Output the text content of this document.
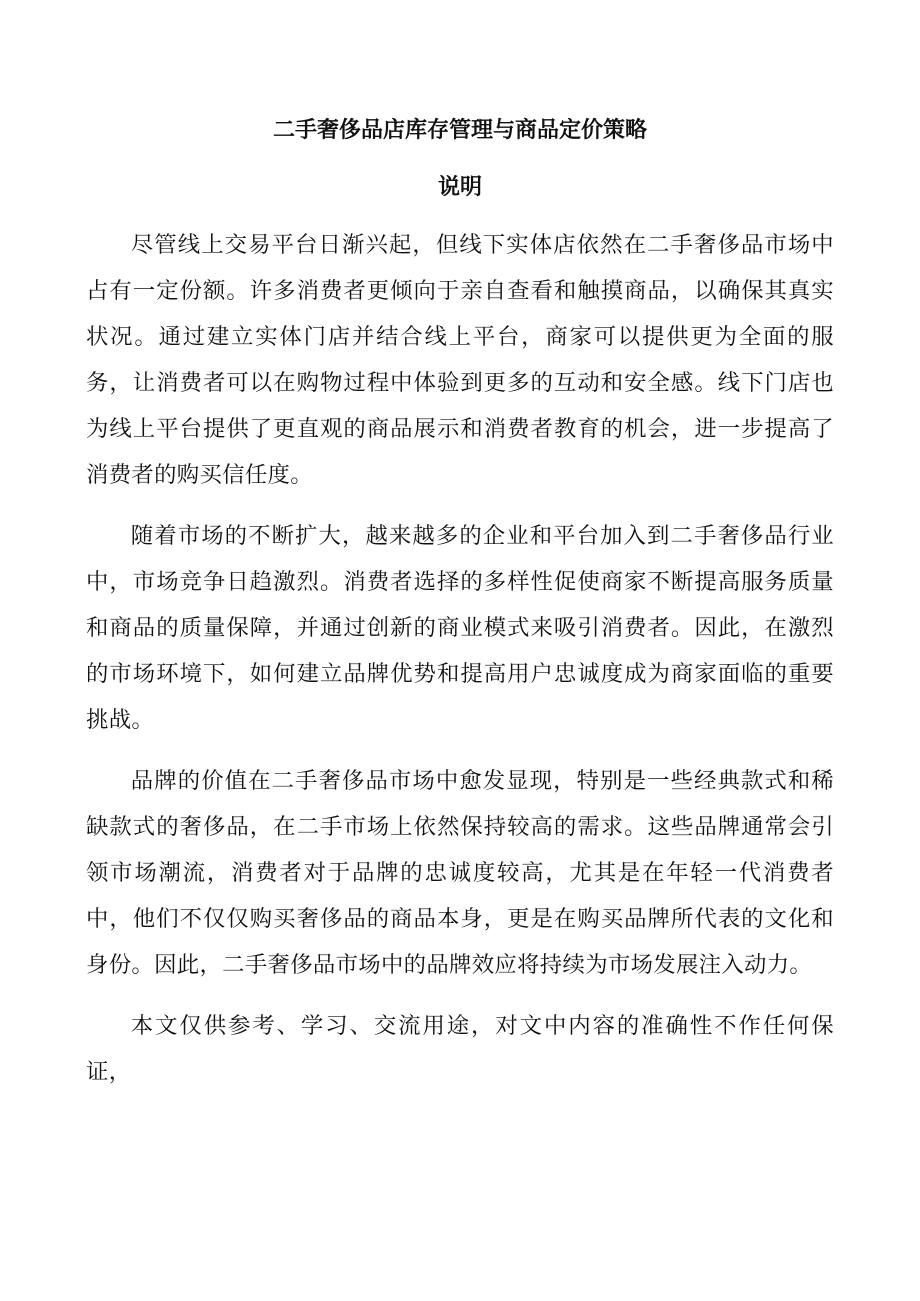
二手奢侈品店库存管理与商品定价策略
说明

尽管线上交易平台日渐兴起，但线下实体店依然在二手奢侈品市场中占有一定份额。许多消费者更倾向于亲自查看和触摸商品，以确保其真实状况。通过建立实体门店并结合线上平台，商家可以提供更为全面的服务，让消费者可以在购物过程中体验到更多的互动和安全感。线下门店也为线上平台提供了更直观的商品展示和消费者教育的机会，进一步提高了消费者的购买信任度。

随着市场的不断扩大，越来越多的企业和平台加入到二手奢侈品行业中，市场竞争日趋激烈。消费者选择的多样性促使商家不断提高服务质量和商品的质量保障，并通过创新的商业模式来吸引消费者。因此，在激烈的市场环境下，如何建立品牌优势和提高用户忠诚度成为商家面临的重要挑战。

品牌的价值在二手奢侈品市场中愈发显现，特别是一些经典款式和稀缺款式的奢侈品，在二手市场上依然保持较高的需求。这些品牌通常会引领市场潮流，消费者对于品牌的忠诚度较高，尤其是在年轻一代消费者中，他们不仅仅购买奢侈品的商品本身，更是在购买品牌所代表的文化和身份。因此，二手奢侈品市场中的品牌效应将持续为市场发展注入动力。

本文仅供参考、学习、交流用途，对文中内容的准确性不作任何保证，
